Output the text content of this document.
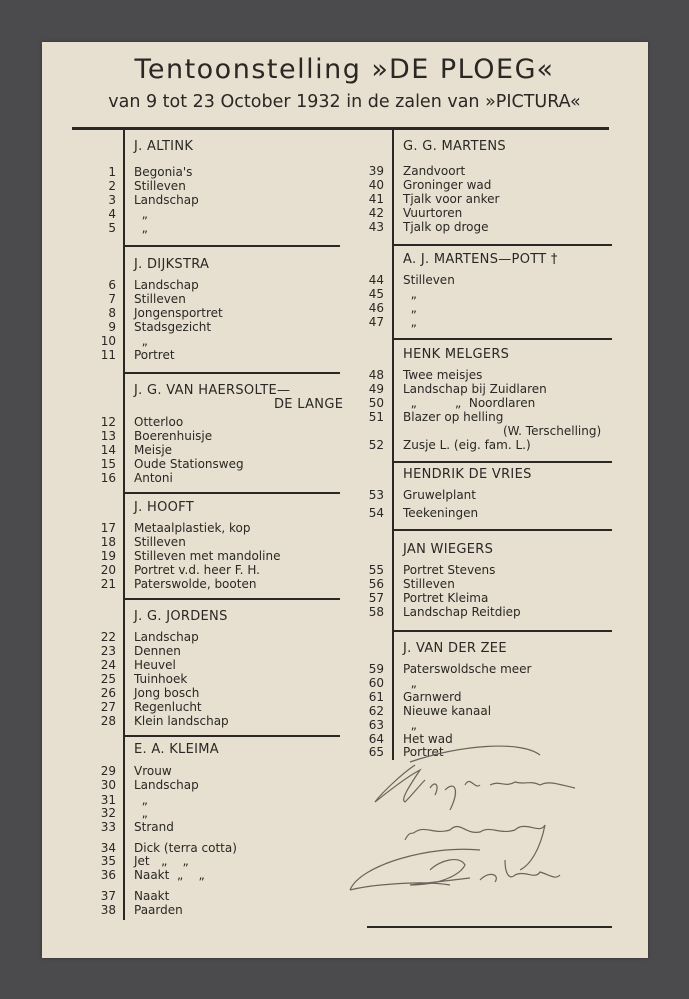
Tentoonstelling »DE PLOEG«
van 9 tot 23 October 1932 in de zalen van »PICTURA«
J. ALTINK
1 Begonia's
2 Stilleven
3 Landschap
4 „
5 „
J. DIJKSTRA
6 Landschap
7 Stilleven
8 Jongensportret
9 Stadsgezicht
10 „
11 Portret
J. G. VAN HAERSOLTE—
DE LANGE
12 Otterloo
13 Boerenhuisje
14 Meisje
15 Oude Stationsweg
16 Antoni
J. HOOFT
17 Metaalplastiek, kop
18 Stilleven
19 Stilleven met mandoline
20 Portret v.d. heer F. H.
21 Paterswolde, booten
J. G. JORDENS
22 Landschap
23 Dennen
24 Heuvel
25 Tuinhoek
26 Jong bosch
27 Regenlucht
28 Klein landschap
E. A. KLEIMA
29 Vrouw
30 Landschap
31 „
32 „
33 Strand
34 Dick (terra cotta)
35 Jet   „    „
36 Naakt  „    „
37 Naakt
38 Paarden
G. G. MARTENS
39 Zandvoort
40 Groninger wad
41 Tjalk voor anker
42 Vuurtoren
43 Tjalk op droge
A. J. MARTENS—POTT †
44 Stilleven
45 „
46 „
47 „
HENK MELGERS
48 Twee meisjes
49 Landschap bij Zuidlaren
50 „          „  Noordlaren
51 Blazer op helling
(W. Terschelling)
52 Zusje L. (eig. fam. L.)
HENDRIK DE VRIES
53 Gruwelplant
54 Teekeningen
JAN WIEGERS
55 Portret Stevens
56 Stilleven
57 Portret Kleima
58 Landschap Reitdiep
J. VAN DER ZEE
59 Paterswoldsche meer
60 „
61 Garnwerd
62 Nieuwe kanaal
63 „
64 Het wad
65 Portret
